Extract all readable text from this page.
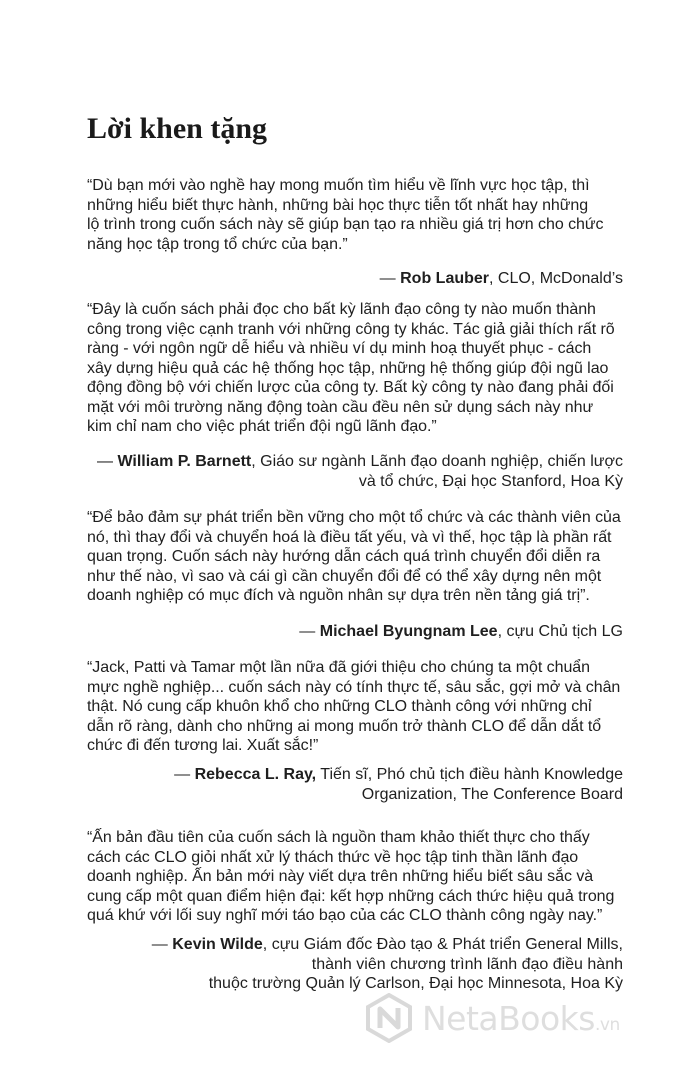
Lời khen tặng

“Dù bạn mới vào nghề hay mong muốn tìm hiểu về lĩnh vực học tập, thì

những hiểu biết thực hành, những bài học thực tiễn tốt nhất hay những

lộ trình trong cuốn sách này sẽ giúp bạn tạo ra nhiều giá trị hơn cho chức

năng học tập trong tổ chức của bạn.”

— Rob Lauber, CLO, McDonald’s

“Đây là cuốn sách phải đọc cho bất kỳ lãnh đạo công ty nào muốn thành

công trong việc cạnh tranh với những công ty khác. Tác giả giải thích rất rõ

ràng - với ngôn ngữ dễ hiểu và nhiều ví dụ minh hoạ thuyết phục - cách

xây dựng hiệu quả các hệ thống học tập, những hệ thống giúp đội ngũ lao

động đồng bộ với chiến lược của công ty. Bất kỳ công ty nào đang phải đối

mặt với môi trường năng động toàn cầu đều nên sử dụng sách này như

kim chỉ nam cho việc phát triển đội ngũ lãnh đạo.”

— William P. Barnett, Giáo sư ngành Lãnh đạo doanh nghiệp, chiến lược

và tổ chức, Đại học Stanford, Hoa Kỳ

“Để bảo đảm sự phát triển bền vững cho một tổ chức và các thành viên của

nó, thì thay đổi và chuyển hoá là điều tất yếu, và vì thế, học tập là phần rất

quan trọng. Cuốn sách này hướng dẫn cách quá trình chuyển đổi diễn ra

như thế nào, vì sao và cái gì cần chuyển đổi để có thể xây dựng nên một

doanh nghiệp có mục đích và nguồn nhân sự dựa trên nền tảng giá trị”.

— Michael Byungnam Lee, cựu Chủ tịch LG

“Jack, Patti và Tamar một lần nữa đã giới thiệu cho chúng ta một chuẩn

mực nghề nghiệp... cuốn sách này có tính thực tế, sâu sắc, gợi mở và chân

thật. Nó cung cấp khuôn khổ cho những CLO thành công với những chỉ

dẫn rõ ràng, dành cho những ai mong muốn trở thành CLO để dẫn dắt tổ

chức đi đến tương lai. Xuất sắc!”

— Rebecca L. Ray, Tiến sĩ, Phó chủ tịch điều hành Knowledge

Organization, The Conference Board

“Ấn bản đầu tiên của cuốn sách là nguồn tham khảo thiết thực cho thấy

cách các CLO giỏi nhất xử lý thách thức về học tập tinh thần lãnh đạo

doanh nghiệp. Ấn bản mới này viết dựa trên những hiểu biết sâu sắc và

cung cấp một quan điểm hiện đại: kết hợp những cách thức hiệu quả trong

quá khứ với lối suy nghĩ mới táo bạo của các CLO thành công ngày nay.”

— Kevin Wilde, cựu Giám đốc Đào tạo & Phát triển General Mills,

thành viên chương trình lãnh đạo điều hành

thuộc trường Quản lý Carlson, Đại học Minnesota, Hoa Kỳ

NetaBooks.vn
